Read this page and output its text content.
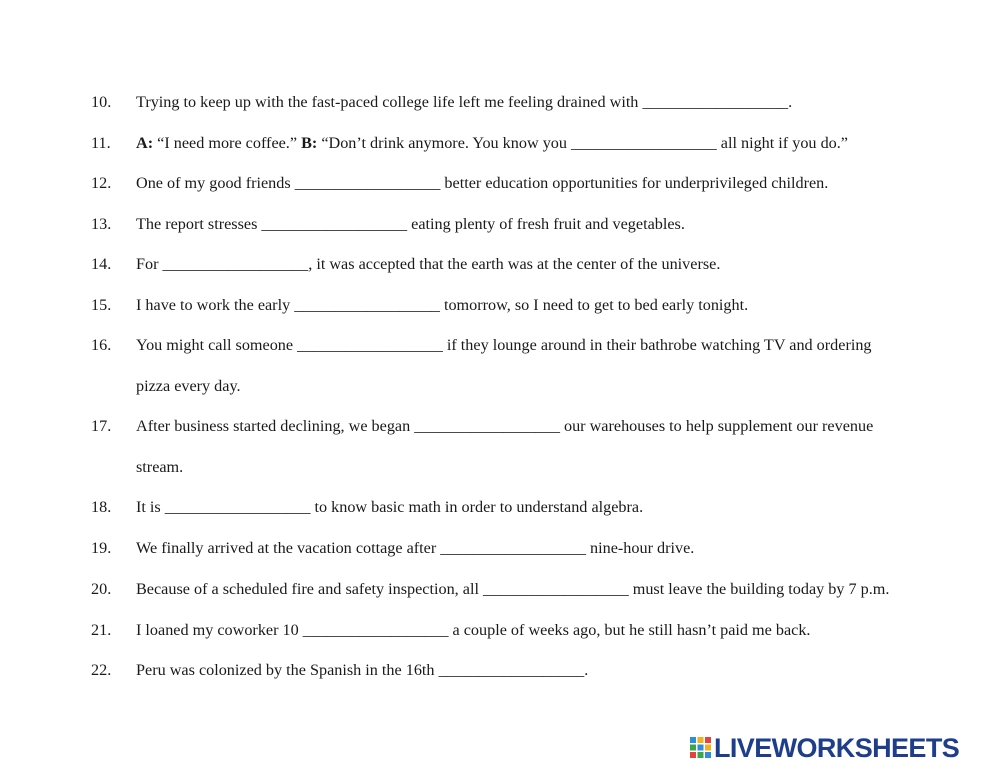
10. Trying to keep up with the fast-paced college life left me feeling drained with __________________.
11. A: “I need more coffee.” B: “Don’t drink anymore. You know you __________________ all night if you do.”
12. One of my good friends __________________ better education opportunities for underprivileged children.
13. The report stresses __________________ eating plenty of fresh fruit and vegetables.
14. For __________________, it was accepted that the earth was at the center of the universe.
15. I have to work the early __________________ tomorrow, so I need to get to bed early tonight.
16. You might call someone __________________ if they lounge around in their bathrobe watching TV and ordering
pizza every day.
17. After business started declining, we began __________________ our warehouses to help supplement our revenue
stream.
18. It is __________________ to know basic math in order to understand algebra.
19. We finally arrived at the vacation cottage after __________________ nine-hour drive.
20. Because of a scheduled fire and safety inspection, all __________________ must leave the building today by 7 p.m.
21. I loaned my coworker 10 __________________ a couple of weeks ago, but he still hasn’t paid me back.
22. Peru was colonized by the Spanish in the 16th __________________.
LIVEWORKSHEETS
